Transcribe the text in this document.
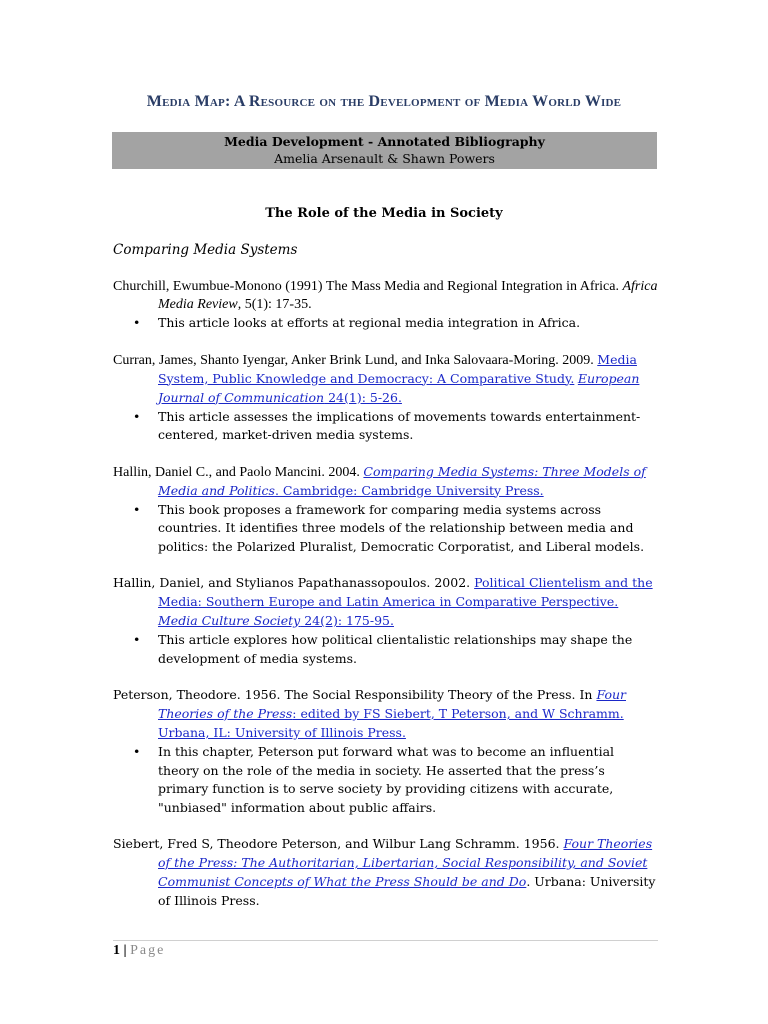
Media Map: A Resource on the Development of Media World Wide
Media Development - Annotated Bibliography
Amelia Arsenault & Shawn Powers
The Role of the Media in Society
Comparing Media Systems
Churchill, Ewumbue-Monono (1991) The Mass Media and Regional Integration in Africa. Africa Media Review, 5(1): 17-35.
• This article looks at efforts at regional media integration in Africa.
Curran, James, Shanto Iyengar, Anker Brink Lund, and Inka Salovaara-Moring. 2009. Media System, Public Knowledge and Democracy: A Comparative Study. European Journal of Communication 24(1): 5-26.
• This article assesses the implications of movements towards entertainment-centered, market-driven media systems.
Hallin, Daniel C., and Paolo Mancini. 2004. Comparing Media Systems: Three Models of Media and Politics. Cambridge: Cambridge University Press.
• This book proposes a framework for comparing media systems across countries. It identifies three models of the relationship between media and politics: the Polarized Pluralist, Democratic Corporatist, and Liberal models.
Hallin, Daniel, and Stylianos Papathanassopoulos. 2002. Political Clientelism and the Media: Southern Europe and Latin America in Comparative Perspective. Media Culture Society 24(2): 175-95.
• This article explores how political clientalistic relationships may shape the development of media systems.
Peterson, Theodore. 1956. The Social Responsibility Theory of the Press. In Four Theories of the Press: edited by FS Siebert, T Peterson, and W Schramm. Urbana, IL: University of Illinois Press.
• In this chapter, Peterson put forward what was to become an influential theory on the role of the media in society. He asserted that the press’s primary function is to serve society by providing citizens with accurate, "unbiased" information about public affairs.
Siebert, Fred S, Theodore Peterson, and Wilbur Lang Schramm. 1956. Four Theories of the Press: The Authoritarian, Libertarian, Social Responsibility, and Soviet Communist Concepts of What the Press Should be and Do. Urbana: University of Illinois Press.
1 | Page
